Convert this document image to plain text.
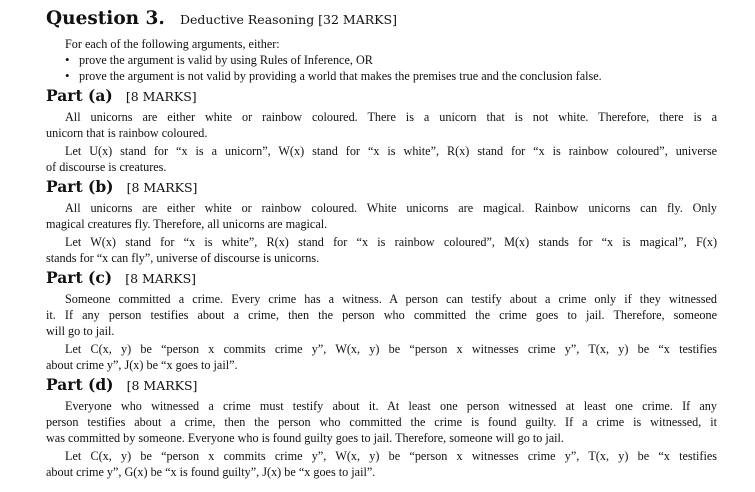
Question 3. Deductive Reasoning [32 MARKS]
For each of the following arguments, either:
• prove the argument is valid by using Rules of Inference, OR
• prove the argument is not valid by providing a world that makes the premises true and the conclusion false.
Part (a) [8 MARKS]
All unicorns are either white or rainbow coloured. There is a unicorn that is not white. Therefore, there is a
unicorn that is rainbow coloured.
Let U(x) stand for “x is a unicorn”, W(x) stand for “x is white”, R(x) stand for “x is rainbow coloured”, universe
of discourse is creatures.
Part (b) [8 MARKS]
All unicorns are either white or rainbow coloured. White unicorns are magical. Rainbow unicorns can fly. Only
magical creatures fly. Therefore, all unicorns are magical.
Let W(x) stand for “x is white”, R(x) stand for “x is rainbow coloured”, M(x) stands for “x is magical”, F(x)
stands for “x can fly”, universe of discourse is unicorns.
Part (c) [8 MARKS]
Someone committed a crime. Every crime has a witness. A person can testify about a crime only if they witnessed
it. If any person testifies about a crime, then the person who committed the crime goes to jail. Therefore, someone
will go to jail.
Let C(x, y) be “person x commits crime y”, W(x, y) be “person x witnesses crime y”, T(x, y) be “x testifies
about crime y”, J(x) be “x goes to jail”.
Part (d) [8 MARKS]
Everyone who witnessed a crime must testify about it. At least one person witnessed at least one crime. If any
person testifies about a crime, then the person who committed the crime is found guilty. If a crime is witnessed, it
was committed by someone. Everyone who is found guilty goes to jail. Therefore, someone will go to jail.
Let C(x, y) be “person x commits crime y”, W(x, y) be “person x witnesses crime y”, T(x, y) be “x testifies
about crime y”, G(x) be “x is found guilty”, J(x) be “x goes to jail”.
